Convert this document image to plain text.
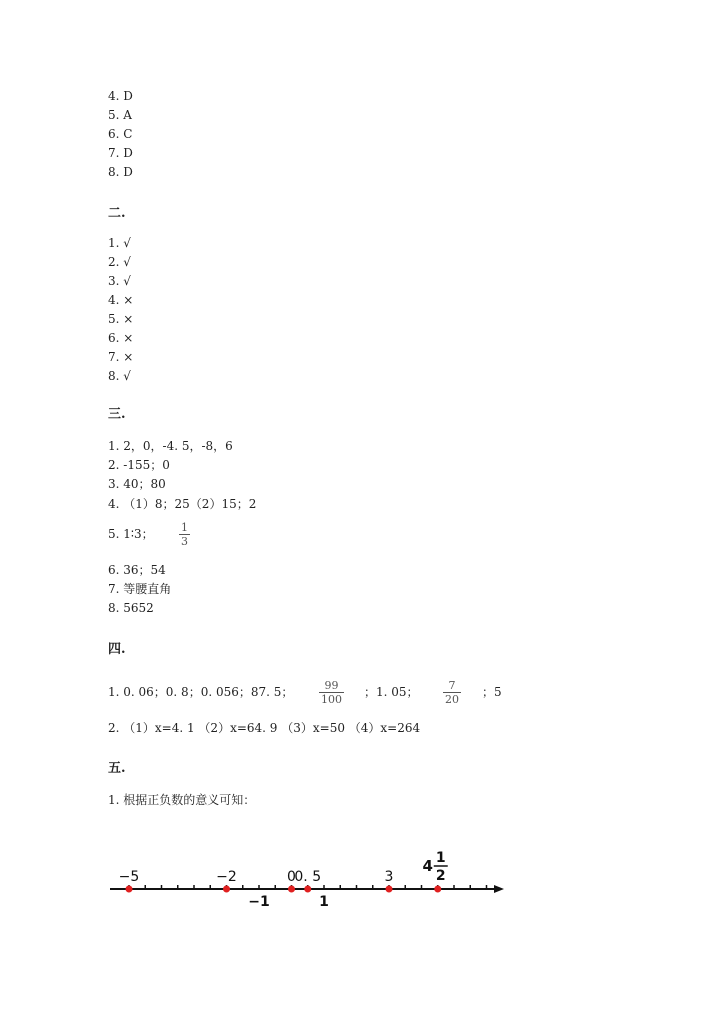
4. D
5. A
6. C
7. D
8. D
二.
1. √
2. √
3. √
4. ×
5. ×
6. ×
7. ×
8. √
三.
1. 2，0，-4. 5，-8，6
2. -155；0
3. 40；80
4. （1）8；25（2）15；2
5. 1∶3； $\frac{1}{3}$
6. 36；54
7. 等腰直角
8. 5652
四.
1. 0. 06；0. 8；0. 056；87. 5； $\frac{99}{100}$ ；1. 05； $\frac{7}{20}$ ；5
2. （1）x=4. 1 （2）x=64. 9 （3）x=50 （4）x=264
五.
1. 根据正负数的意义可知：
−5	−2	0
0. 5	3
4 1
2
−1	1
